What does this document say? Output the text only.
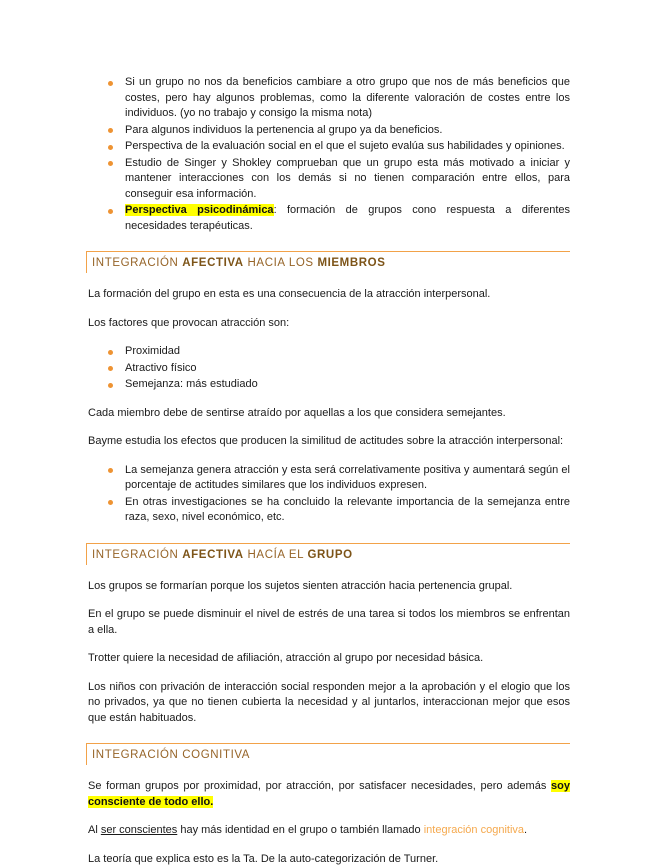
Si un grupo no nos da beneficios cambiare a otro grupo que nos de más beneficios que costes, pero hay algunos problemas, como la diferente valoración de costes entre los individuos. (yo no trabajo y consigo la misma nota)
Para algunos individuos la pertenencia al grupo ya da beneficios.
Perspectiva de la evaluación social en el que el sujeto evalúa sus habilidades y opiniones.
Estudio de Singer y Shokley comprueban que un grupo esta más motivado a iniciar y mantener interacciones con los demás si no tienen comparación entre ellos, para conseguir esa información.
Perspectiva psicodinámica: formación de grupos cono respuesta a diferentes necesidades terapéuticas.
INTEGRACIÓN AFECTIVA HACIA LOS MIEMBROS

La formación del grupo en esta es una consecuencia de la atracción interpersonal.

Los factores que provocan atracción son:

Proximidad
Atractivo físico
Semejanza: más estudiado

Cada miembro debe de sentirse atraído por aquellas a los que considera semejantes.

Bayme estudia los efectos que producen la similitud de actitudes sobre la atracción interpersonal:

La semejanza genera atracción y esta será correlativamente positiva y aumentará según el porcentaje de actitudes similares que los individuos expresen.
En otras investigaciones se ha concluido la relevante importancia de la semejanza entre raza, sexo, nivel económico, etc.
INTEGRACIÓN AFECTIVA HACÍA EL GRUPO

Los grupos se formarían porque los sujetos sienten atracción hacia pertenencia grupal.

En el grupo se puede disminuir el nivel de estrés de una tarea si todos los miembros se enfrentan a ella.

Trotter quiere la necesidad de afiliación, atracción al grupo por necesidad básica.

Los niños con privación de interacción social responden mejor a la aprobación y el elogio que los no privados, ya que no tienen cubierta la necesidad y al juntarlos, interaccionan mejor que esos que están habituados.

INTEGRACIÓN COGNITIVA

Se forman grupos por proximidad, por atracción, por satisfacer necesidades, pero además soy consciente de todo ello.

Al ser conscientes hay más identidad en el grupo o también llamado integración cognitiva.

La teoría que explica esto es la Ta. De la auto-categorización de Turner.
